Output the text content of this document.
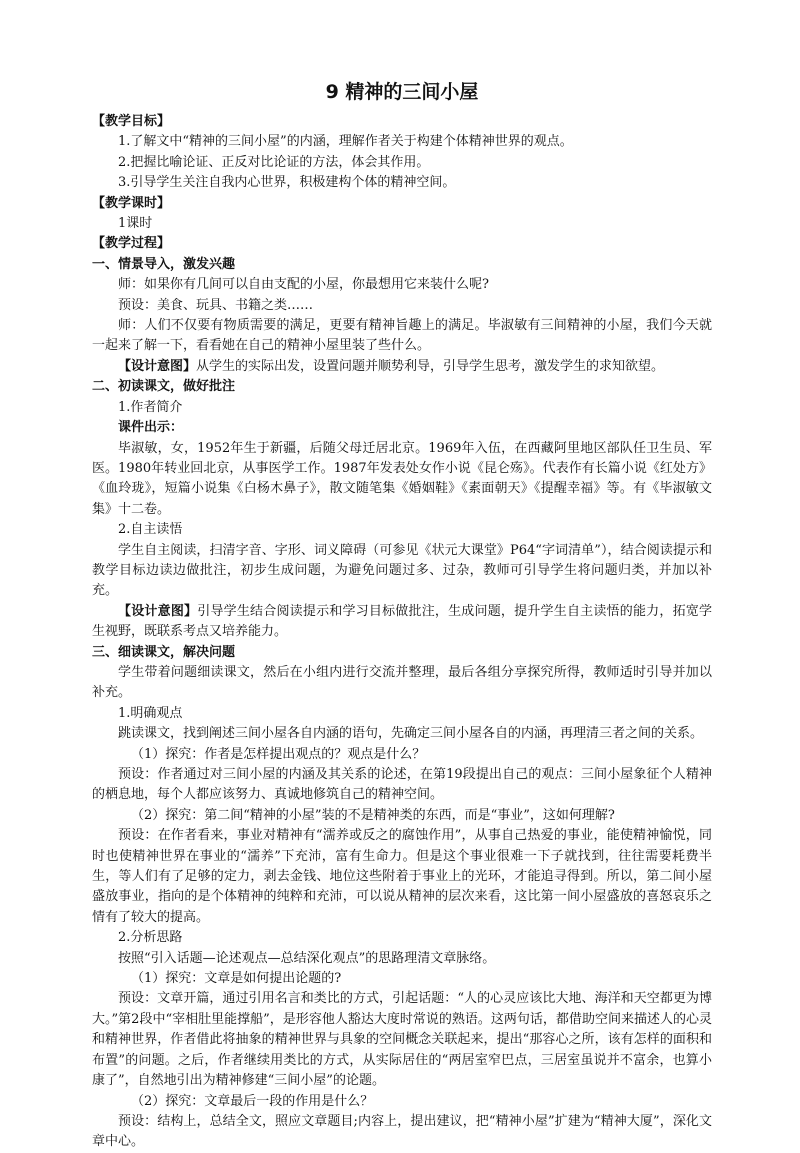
9 精神的三间小屋

【教学目标】

1.了解文中“精神的三间小屋”的内涵，理解作者关于构建个体精神世界的观点。

2.把握比喻论证、正反对比论证的方法，体会其作用。

3.引导学生关注自我内心世界，积极建构个体的精神空间。

【教学课时】

1课时

【教学过程】

一、情景导入，激发兴趣

师：如果你有几间可以自由支配的小屋，你最想用它来装什么呢?

预设：美食、玩具、书籍之类……

师：人们不仅要有物质需要的满足，更要有精神旨趣上的满足。毕淑敏有三间精神的小屋，我们今天就一起来了解一下，看看她在自己的精神小屋里装了些什么。

【设计意图】从学生的实际出发，设置问题并顺势利导，引导学生思考，激发学生的求知欲望。

二、初读课文，做好批注

1.作者简介

课件出示：

毕淑敏，女，1952年生于新疆，后随父母迁居北京。1969年入伍，在西藏阿里地区部队任卫生员、军医。1980年转业回北京，从事医学工作。1987年发表处女作小说《昆仑殇》。代表作有长篇小说《红处方》《血玲珑》，短篇小说集《白杨木鼻子》，散文随笔集《婚姻鞋》《素面朝天》《提醒幸福》等。有《毕淑敏文集》十二卷。

2.自主读悟

学生自主阅读，扫清字音、字形、词义障碍（可参见《状元大课堂》P64“字词清单”），结合阅读提示和教学目标边读边做批注，初步生成问题，为避免问题过多、过杂，教师可引导学生将问题归类，并加以补充。

【设计意图】引导学生结合阅读提示和学习目标做批注，生成问题，提升学生自主读悟的能力，拓宽学生视野，既联系考点又培养能力。

三、细读课文，解决问题

学生带着问题细读课文，然后在小组内进行交流并整理，最后各组分享探究所得，教师适时引导并加以补充。

1.明确观点

跳读课文，找到阐述三间小屋各自内涵的语句，先确定三间小屋各自的内涵，再理清三者之间的关系。

（1）探究：作者是怎样提出观点的？观点是什么？

预设：作者通过对三间小屋的内涵及其关系的论述，在第19段提出自己的观点：三间小屋象征个人精神的栖息地，每个人都应该努力、真诚地修筑自己的精神空间。

（2）探究：第二间“精神的小屋”装的不是精神类的东西，而是“事业”，这如何理解?

预设：在作者看来，事业对精神有“濡养或反之的腐蚀作用”，从事自己热爱的事业，能使精神愉悦，同时也使精神世界在事业的“濡养”下充沛，富有生命力。但是这个事业很难一下子就找到，往往需要耗费半生，等人们有了足够的定力，剥去金钱、地位这些附着于事业上的光环，才能追寻得到。所以，第二间小屋盛放事业，指向的是个体精神的纯粹和充沛，可以说从精神的层次来看，这比第一间小屋盛放的喜怒哀乐之情有了较大的提高。

2.分析思路

按照“引入话题—论述观点—总结深化观点”的思路理清文章脉络。

（1）探究：文章是如何提出论题的?

预设：文章开篇，通过引用名言和类比的方式，引起话题：“人的心灵应该比大地、海洋和天空都更为博大。”第2段中“宰相肚里能撑船”，是形容他人豁达大度时常说的熟语。这两句话，都借助空间来描述人的心灵和精神世界，作者借此将抽象的精神世界与具象的空间概念关联起来，提出“那容心之所，该有怎样的面积和布置”的问题。之后，作者继续用类比的方式，从实际居住的“两居室窄巴点，三居室虽说并不富余，也算小康了”，自然地引出为精神修建“三间小屋”的论题。

（2）探究：文章最后一段的作用是什么？

预设：结构上，总结全文，照应文章题目;内容上，提出建议，把“精神小屋”扩建为“精神大厦”，深化文章中心。
